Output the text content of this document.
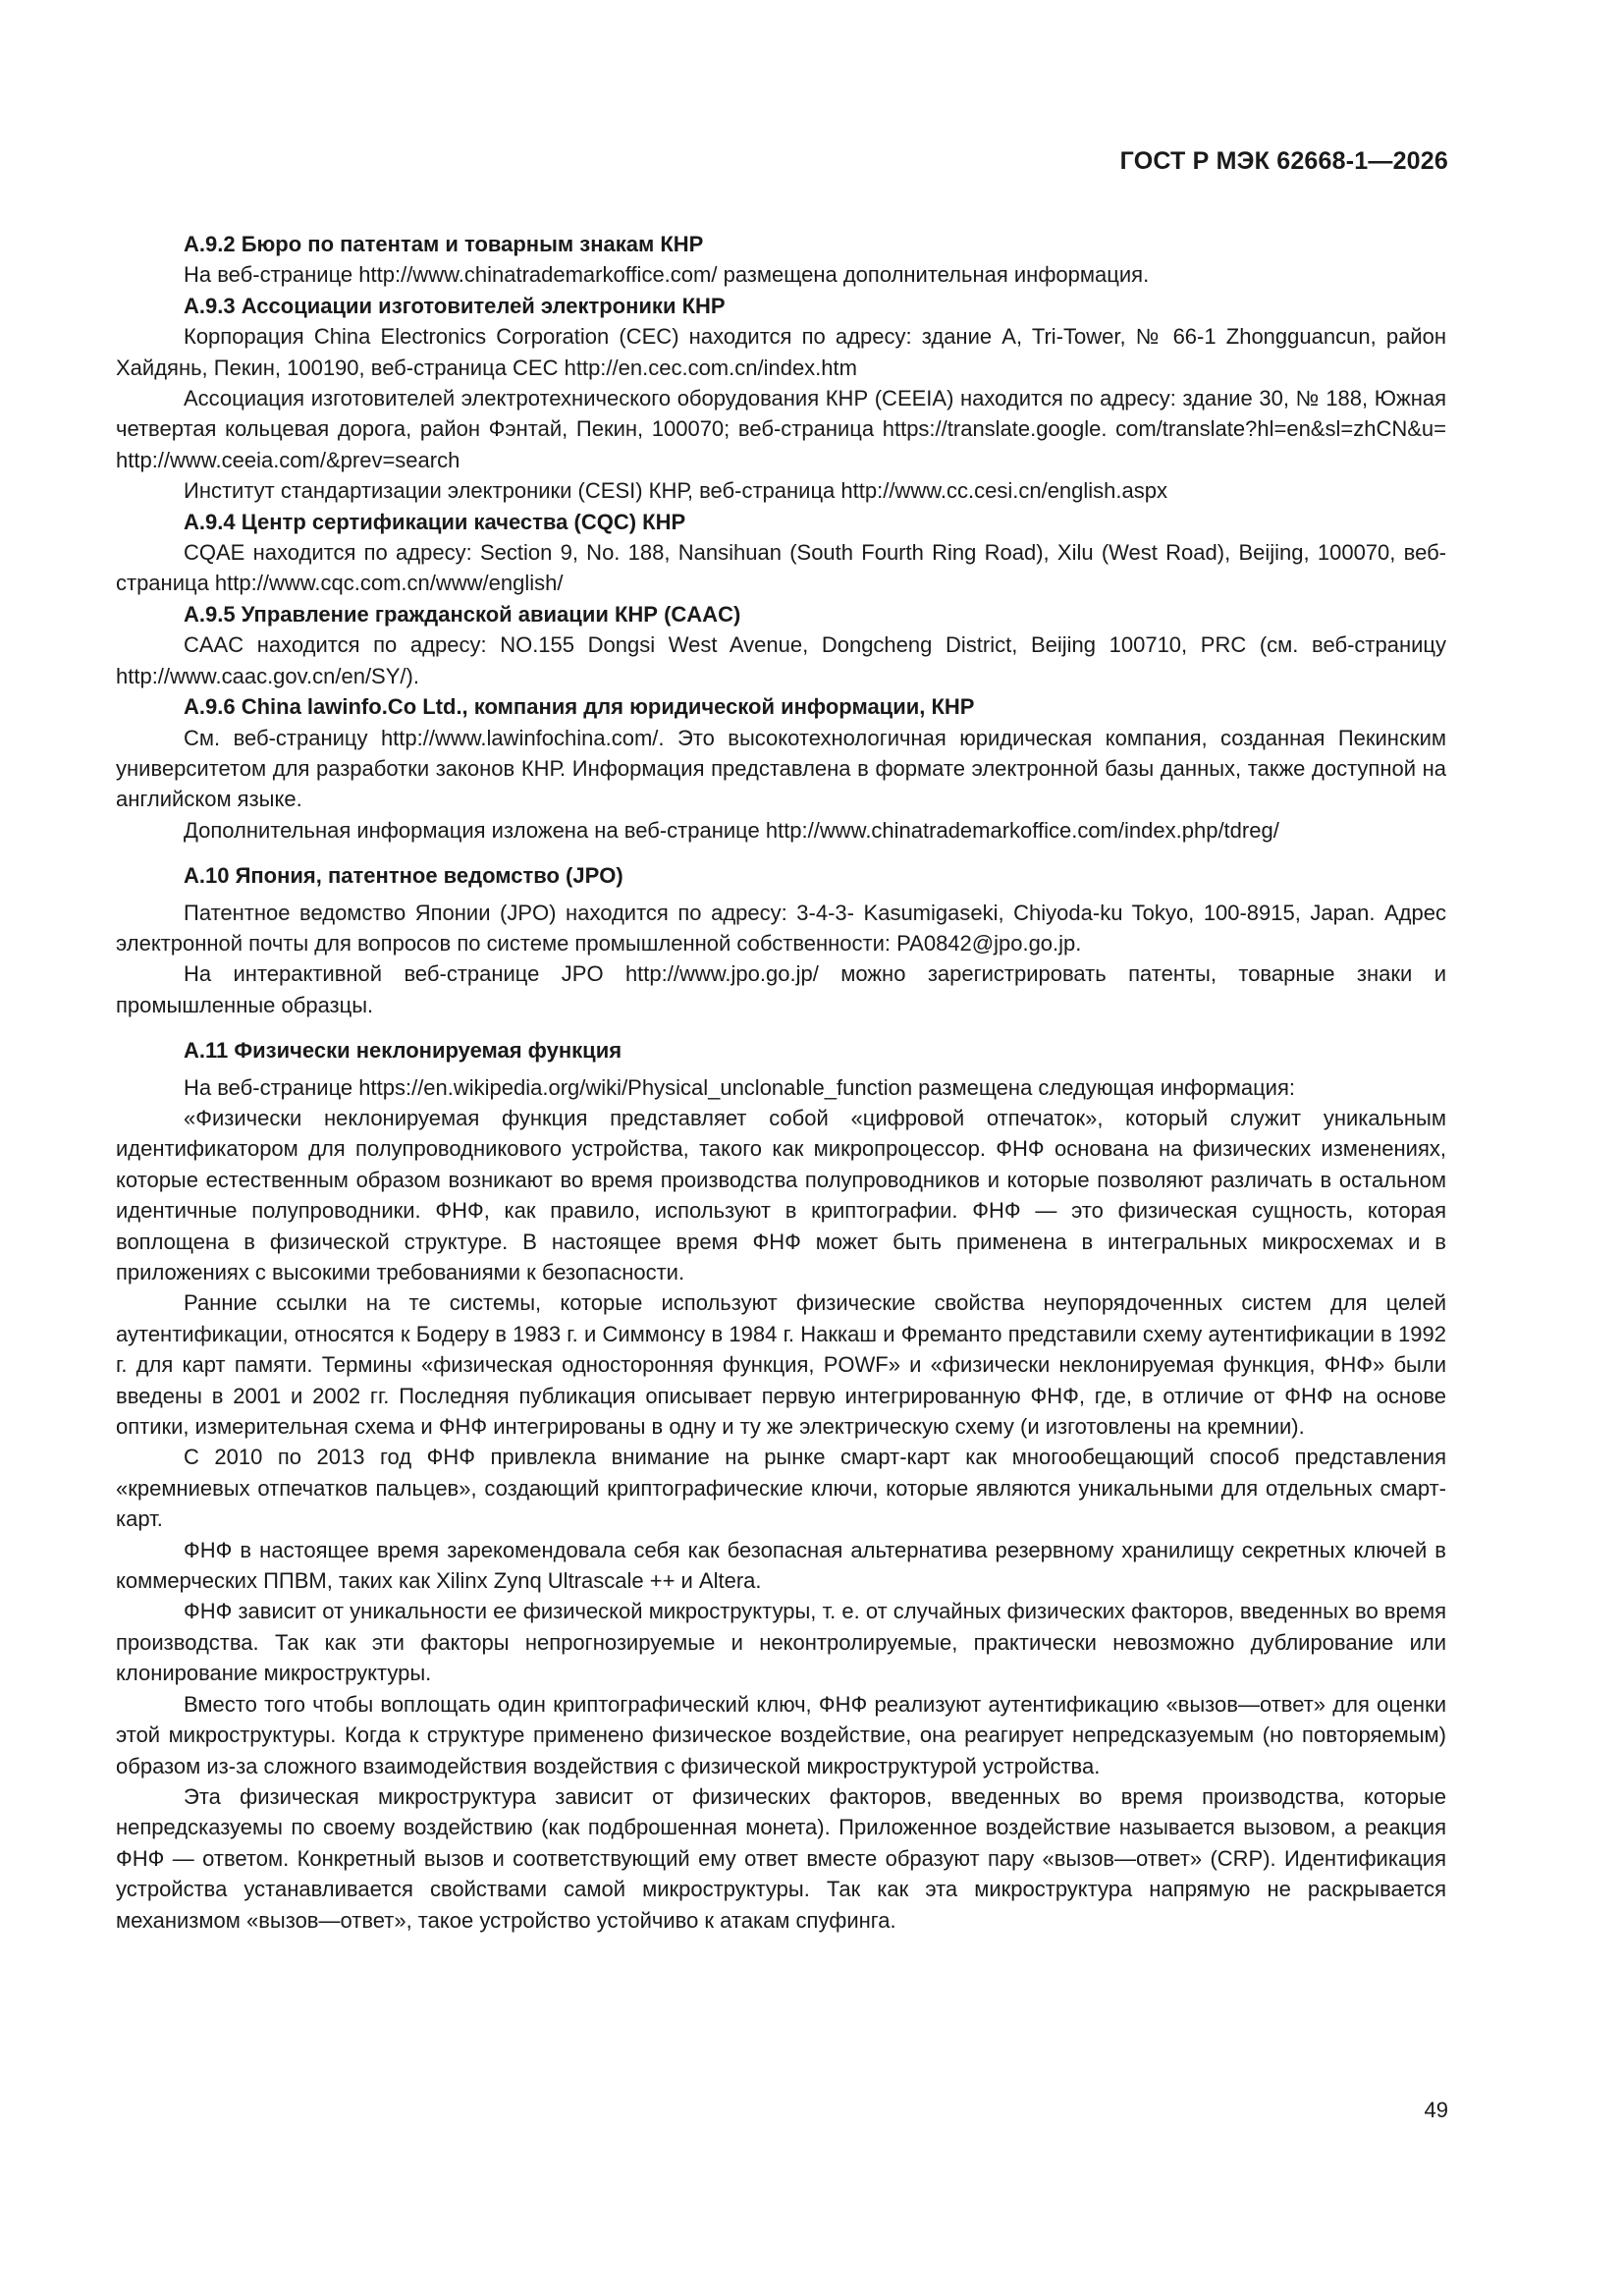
ГОСТ Р МЭК 62668-1—2026
A.9.2 Бюро по патентам и товарным знакам КНР

На веб-странице http://www.chinatrademarkoffice.com/ размещена дополнительная информация.

A.9.3 Ассоциации изготовителей электроники КНР

Корпорация China Electronics Corporation (CEC) находится по адресу: здание A, Tri-Tower, № 66-1 Zhongguancun, район Хайдянь, Пекин, 100190, веб-страница CEC http://en.cec.com.cn/index.htm

Ассоциация изготовителей электротехнического оборудования КНР (CEEIA) находится по адресу: здание 30, № 188, Южная четвертая кольцевая дорога, район Фэнтай, Пекин, 100070; веб-страница https://translate.google. com/translate?hl=en&sl=zhCN&u= http://www.ceeia.com/&prev=search

Институт стандартизации электроники (CESI) КНР, веб-страница http://www.cc.cesi.cn/english.aspx

A.9.4 Центр сертификации качества (CQC) КНР

CQAE находится по адресу: Section 9, No. 188, Nansihuan (South Fourth Ring Road), Xilu (West Road), Beijing, 100070, веб-страница http://www.cqc.com.cn/www/english/

A.9.5 Управление гражданской авиации КНР (CAAC)

CAAC находится по адресу: NO.155 Dongsi West Avenue, Dongcheng District, Beijing 100710, PRC (см. веб-страницу http://www.caac.gov.cn/en/SY/).

A.9.6 China lawinfo.Co Ltd., компания для юридической информации, КНР

См. веб-страницу http://www.lawinfochina.com/. Это высокотехнологичная юридическая компания, созданная Пекинским университетом для разработки законов КНР. Информация представлена в формате электронной базы данных, также доступной на английском языке.

Дополнительная информация изложена на веб-странице http://www.chinatrademarkoffice.com/index.php/tdreg/

A.10 Япония, патентное ведомство (JPO)

Патентное ведомство Японии (JPO) находится по адресу: 3-4-3- Kasumigaseki, Chiyoda-ku Tokyo, 100-8915, Japan. Адрес электронной почты для вопросов по системе промышленной собственности: PA0842@jpo.go.jp.

На интерактивной веб-странице JPO http://www.jpo.go.jp/ можно зарегистрировать патенты, товарные знаки и промышленные образцы.

A.11 Физически неклонируемая функция

На веб-странице https://en.wikipedia.org/wiki/Physical_unclonable_function размещена следующая информация:

«Физически неклонируемая функция представляет собой «цифровой отпечаток», который служит уникальным идентификатором для полупроводникового устройства, такого как микропроцессор. ФНФ основана на физических изменениях, которые естественным образом возникают во время производства полупроводников и которые позволяют различать в остальном идентичные полупроводники. ФНФ, как правило, используют в криптографии. ФНФ — это физическая сущность, которая воплощена в физической структуре. В настоящее время ФНФ может быть применена в интегральных микросхемах и в приложениях с высокими требованиями к безопасности.

Ранние ссылки на те системы, которые используют физические свойства неупорядоченных систем для целей аутентификации, относятся к Бодеру в 1983 г. и Симмонсу в 1984 г. Наккаш и Фреманто представили схему аутентификации в 1992 г. для карт памяти. Термины «физическая односторонняя функция, POWF» и «физически неклонируемая функция, ФНФ» были введены в 2001 и 2002 гг. Последняя публикация описывает первую интегрированную ФНФ, где, в отличие от ФНФ на основе оптики, измерительная схема и ФНФ интегрированы в одну и ту же электрическую схему (и изготовлены на кремнии).

С 2010 по 2013 год ФНФ привлекла внимание на рынке смарт-карт как многообещающий способ представления «кремниевых отпечатков пальцев», создающий криптографические ключи, которые являются уникальными для отдельных смарт-карт.

ФНФ в настоящее время зарекомендовала себя как безопасная альтернатива резервному хранилищу секретных ключей в коммерческих ППВМ, таких как Xilinx Zynq Ultrascale ++ и Altera.

ФНФ зависит от уникальности ее физической микроструктуры, т. е. от случайных физических факторов, введенных во время производства. Так как эти факторы непрогнозируемые и неконтролируемые, практически невозможно дублирование или клонирование микроструктуры.

Вместо того чтобы воплощать один криптографический ключ, ФНФ реализуют аутентификацию «вызов—ответ» для оценки этой микроструктуры. Когда к структуре применено физическое воздействие, она реагирует непредсказуемым (но повторяемым) образом из-за сложного взаимодействия воздействия с физической микроструктурой устройства.

Эта физическая микроструктура зависит от физических факторов, введенных во время производства, которые непредсказуемы по своему воздействию (как подброшенная монета). Приложенное воздействие называется вызовом, а реакция ФНФ — ответом. Конкретный вызов и соответствующий ему ответ вместе образуют пару «вызов—ответ» (CRP). Идентификация устройства устанавливается свойствами самой микроструктуры. Так как эта микроструктура напрямую не раскрывается механизмом «вызов—ответ», такое устройство устойчиво к атакам спуфинга.

49
